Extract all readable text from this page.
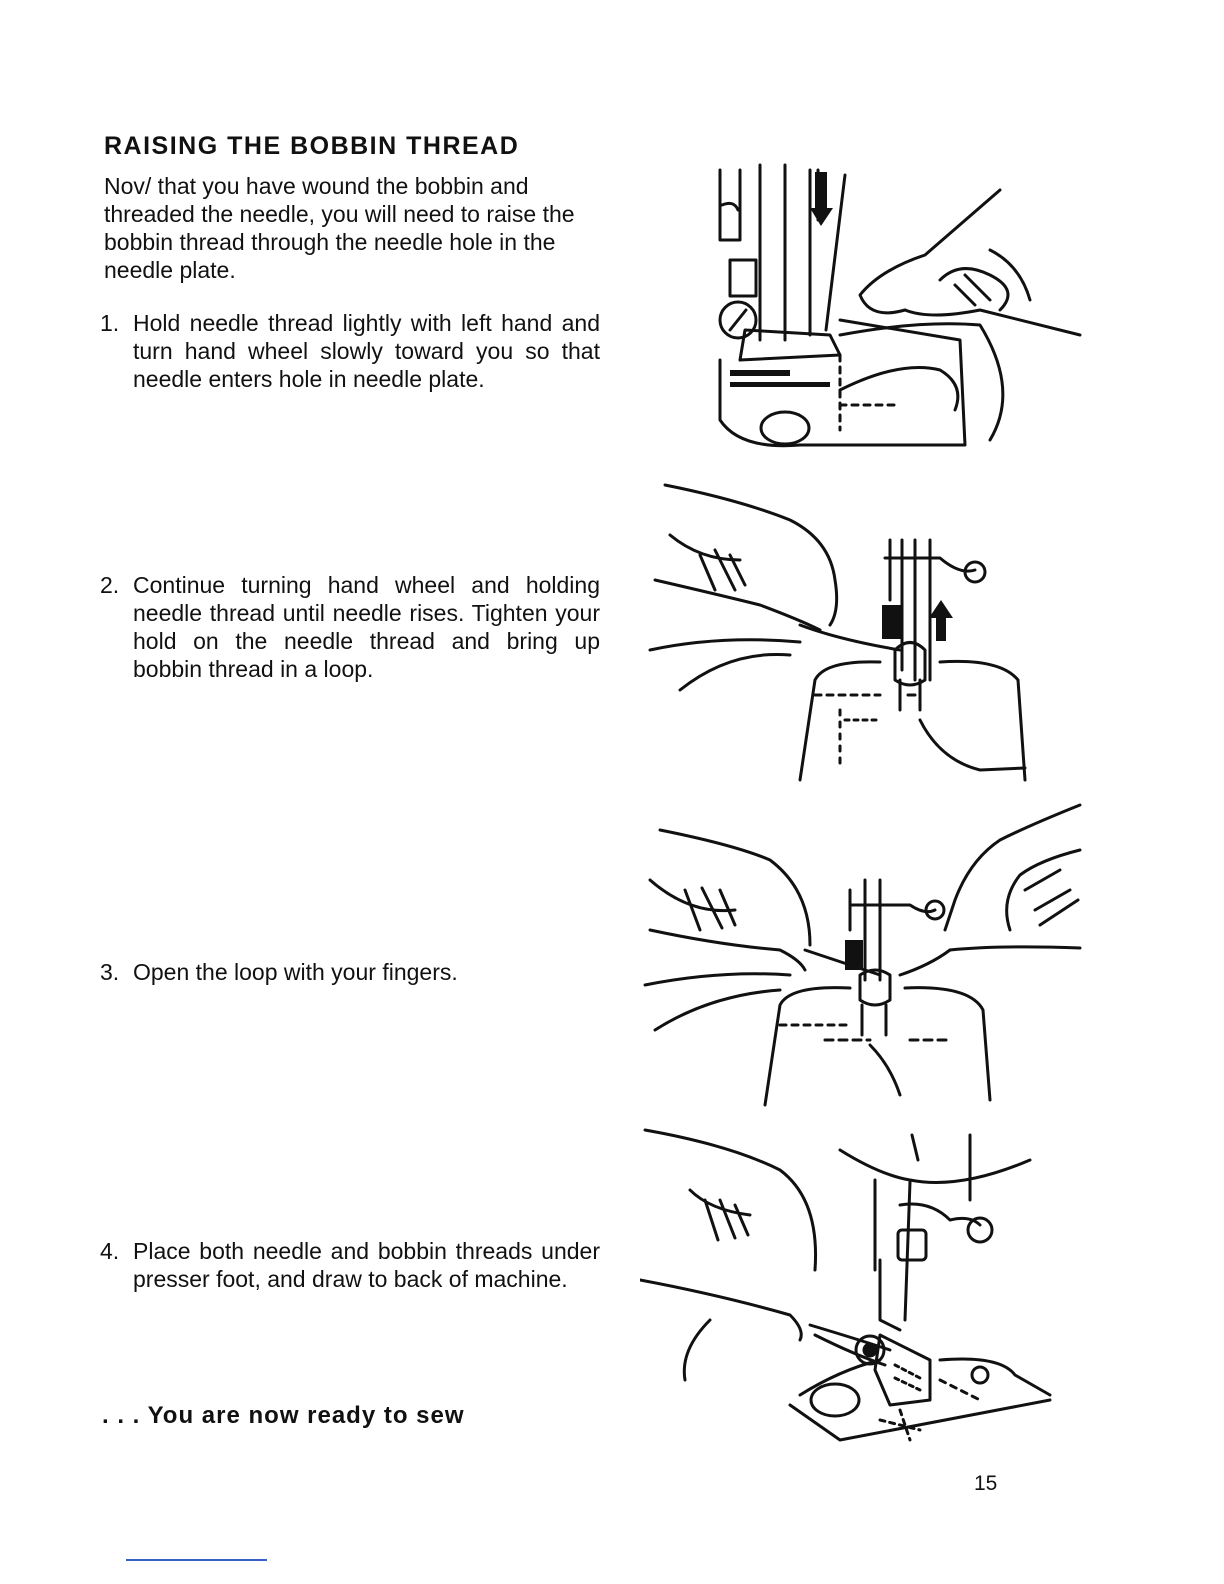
RAISING THE BOBBIN THREAD

Nov/ that you have wound the bobbin and threaded the needle, you will need to raise the bobbin thread through the needle hole in the needle plate.

1. Hold needle thread lightly with left hand and turn hand wheel slowly toward you so that needle enters hole in needle plate.
2. Continue turning hand wheel and holding needle thread until needle rises. Tighten your hold on the needle thread and bring up bobbin thread in a loop.
3. Open the loop with your fingers.
4. Place both needle and bobbin threads under presser foot, and draw to back of machine.

. . . You are now ready to sew

15
